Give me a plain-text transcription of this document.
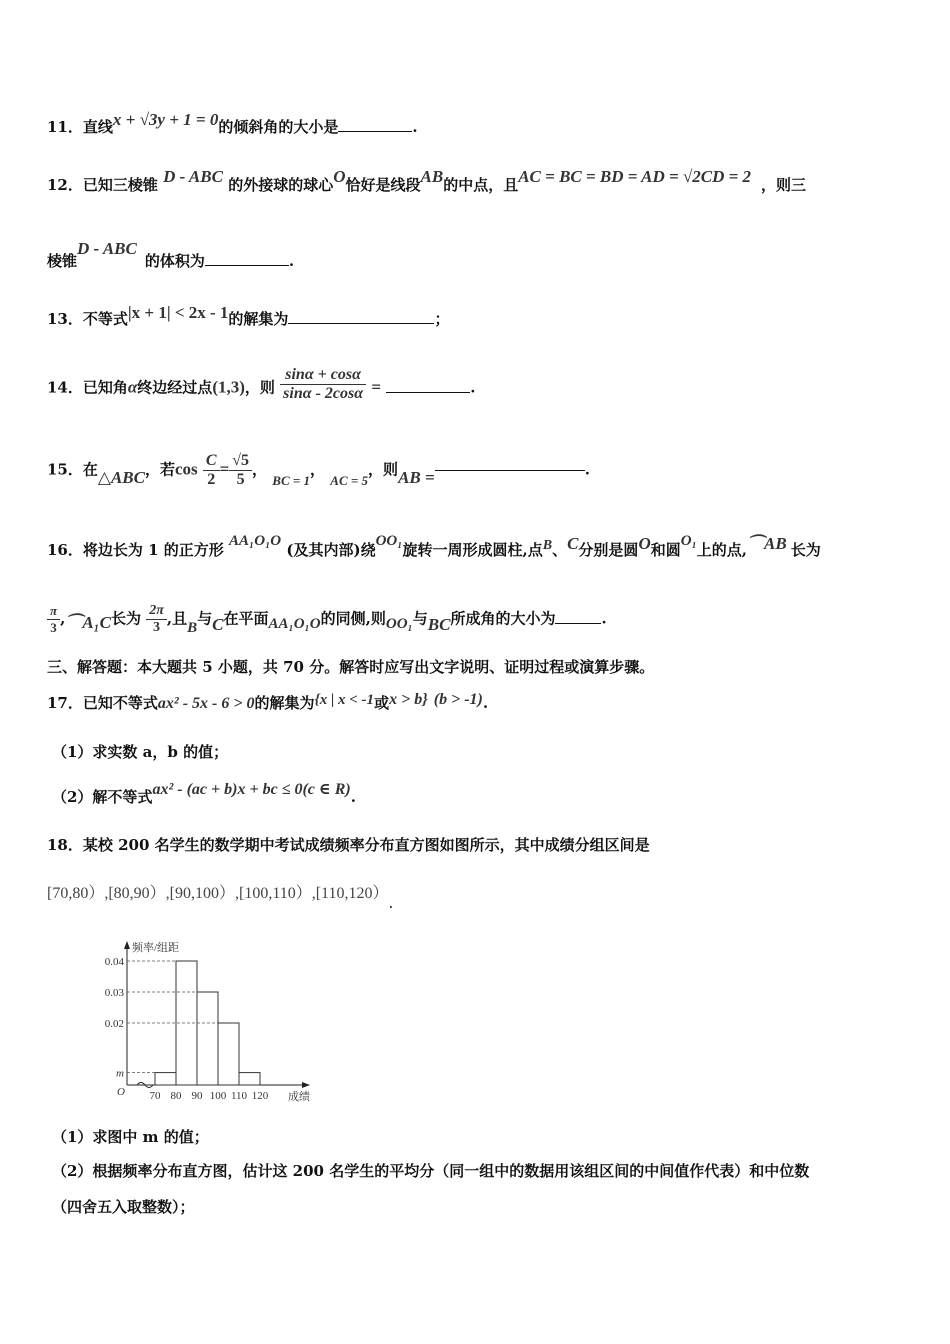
11．直线x + √3y + 1 = 0的倾斜角的大小是	.
12．已知三棱锥 D - ABC 的外接球的球心O恰好是线段AB的中点，且AC = BC = BD = AD = √2CD = 2 ，则三
棱锥D - ABC的体积为	.
13．不等式|x + 1| < 2x - 1的解集为	；
14．已知角α终边经过点(1,3)，则 $\frac{\sin\alpha + \cos\alpha}{\sin\alpha - 2\cos\alpha}$ =	.
15．在△ABC，若$\cos \frac{C}{2} = \frac{√5}{5}$ ， BC = 1， AC = 5，则AB =	.
16．将边长为 1 的正方形 AA₁O₁O (及其内部)绕OO₁旋转一周形成圆柱,点B、C分别是圆O和圆O₁上的点,⌒AB 长为
$\frac{\pi}{3}$ ,⌒A₁C长为 $\frac{2\pi}{3}$ ,且B与C在平面AA₁O₁O的同侧,则OO₁与BC所成角的大小为	.
三、解答题：本大题共 5 小题，共 70 分。解答时应写出文字说明、证明过程或演算步骤。
17．已知不等式ax² - 5x - 6 > 0的解集为{x | x < -1或x > b} (b > -1).
（1）求实数 a，b 的值；
（2）解不等式ax² - (ac + b)x + bc ≤ 0(c ∈ R).
18．某校 200 名学生的数学期中考试成绩频率分布直方图如图所示，其中成绩分组区间是
[70,80）,[80,90）,[90,100）,[100,110）,[110,120）.
频率/组距
成绩
O
0.04
0.03
0.02
m
70 80 90 100 110 120
（1）求图中 m 的值；
（2）根据频率分布直方图，估计这 200 名学生的平均分（同一组中的数据用该组区间的中间值作代表）和中位数
（四舍五入取整数）；
